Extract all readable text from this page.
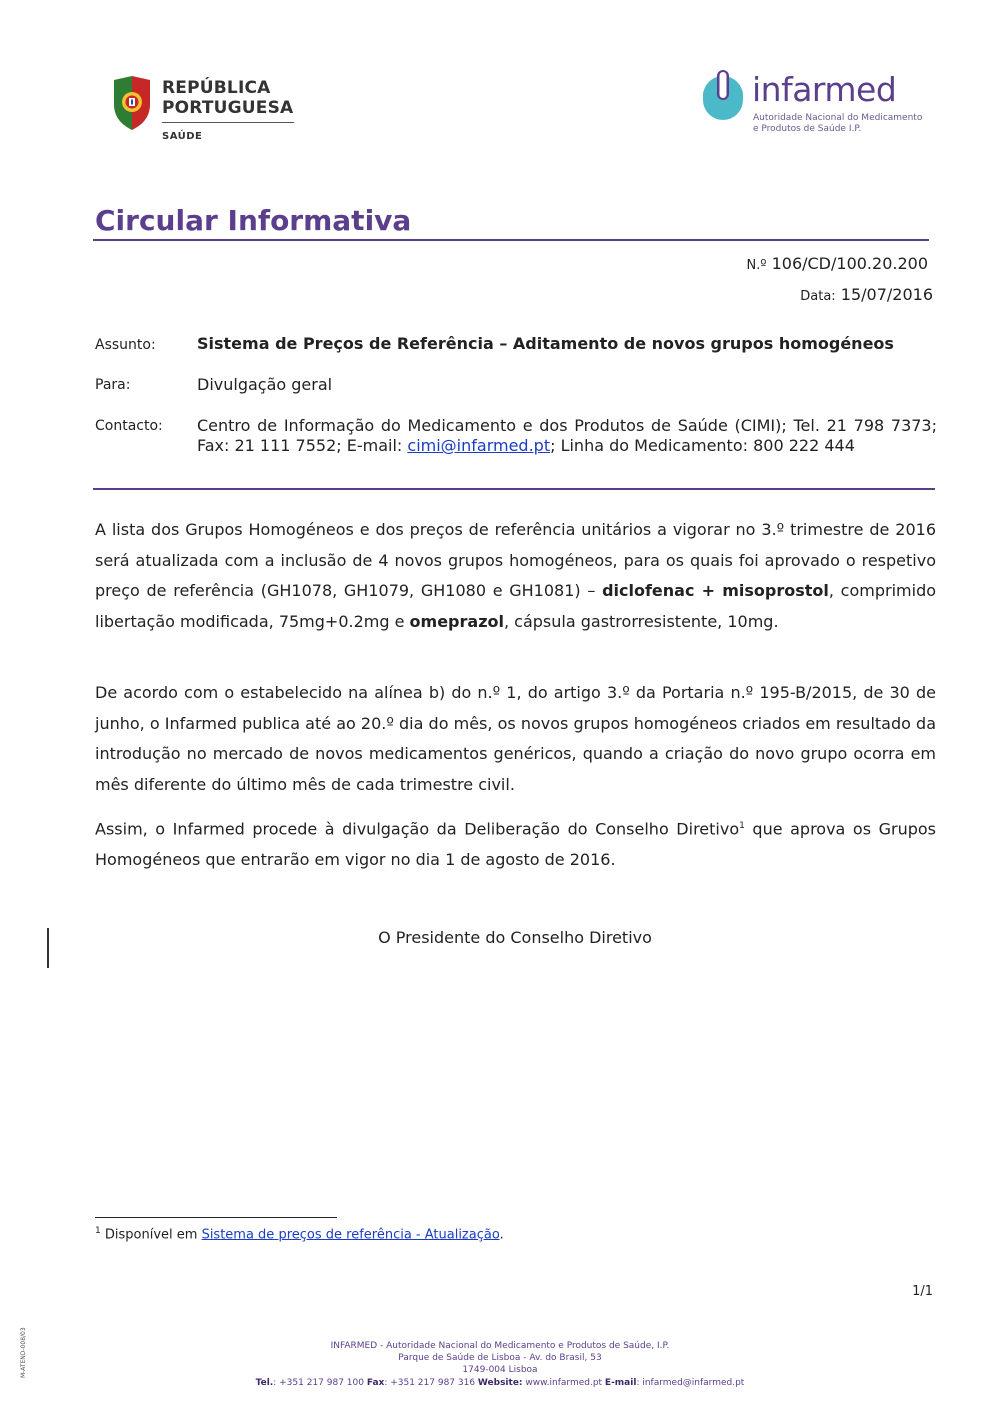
REPÚBLICA
PORTUGUESA
SAÚDE
infarmed
Autoridade Nacional do Medicamento
e Produtos de Saúde I.P.
Circular Informativa
N.º 106/CD/100.20.200
Data: 15/07/2016
Assunto:	Sistema de Preços de Referência – Aditamento de novos grupos homogéneos
Para:	Divulgação geral
Contacto: Centro de Informação do Medicamento e dos Produtos de Saúde (CIMI); Tel. 21 798 7373; Fax: 21 111 7552; E-mail: cimi@infarmed.pt; Linha do Medicamento: 800 222 444
A lista dos Grupos Homogéneos e dos preços de referência unitários a vigorar no 3.º trimestre de 2016 será atualizada com a inclusão de 4 novos grupos homogéneos, para os quais foi aprovado o respetivo preço de referência (GH1078, GH1079, GH1080 e GH1081) – diclofenac + misoprostol, comprimido libertação modificada, 75mg+0.2mg e omeprazol, cápsula gastrorresistente, 10mg.
De acordo com o estabelecido na alínea b) do n.º 1, do artigo 3.º da Portaria n.º 195-B/2015, de 30 de junho, o Infarmed publica até ao 20.º dia do mês, os novos grupos homogéneos criados em resultado da introdução no mercado de novos medicamentos genéricos, quando a criação do novo grupo ocorra em mês diferente do último mês de cada trimestre civil.
Assim, o Infarmed procede à divulgação da Deliberação do Conselho Diretivo$^1$ que aprova os Grupos Homogéneos que entrarão em vigor no dia 1 de agosto de 2016.
O Presidente do Conselho Diretivo
$^1$ Disponível em Sistema de preços de referência - Atualização.
1/1
M-ATEND-008/03	INFARMED - Autoridade Nacional do Medicamento e Produtos de Saúde, I.P.
Parque de Saúde de Lisboa - Av. do Brasil, 53
1749-004 Lisboa
Tel.: +351 217 987 100 Fax: +351 217 987 316 Website: www.infarmed.pt E-mail: infarmed@infarmed.pt
